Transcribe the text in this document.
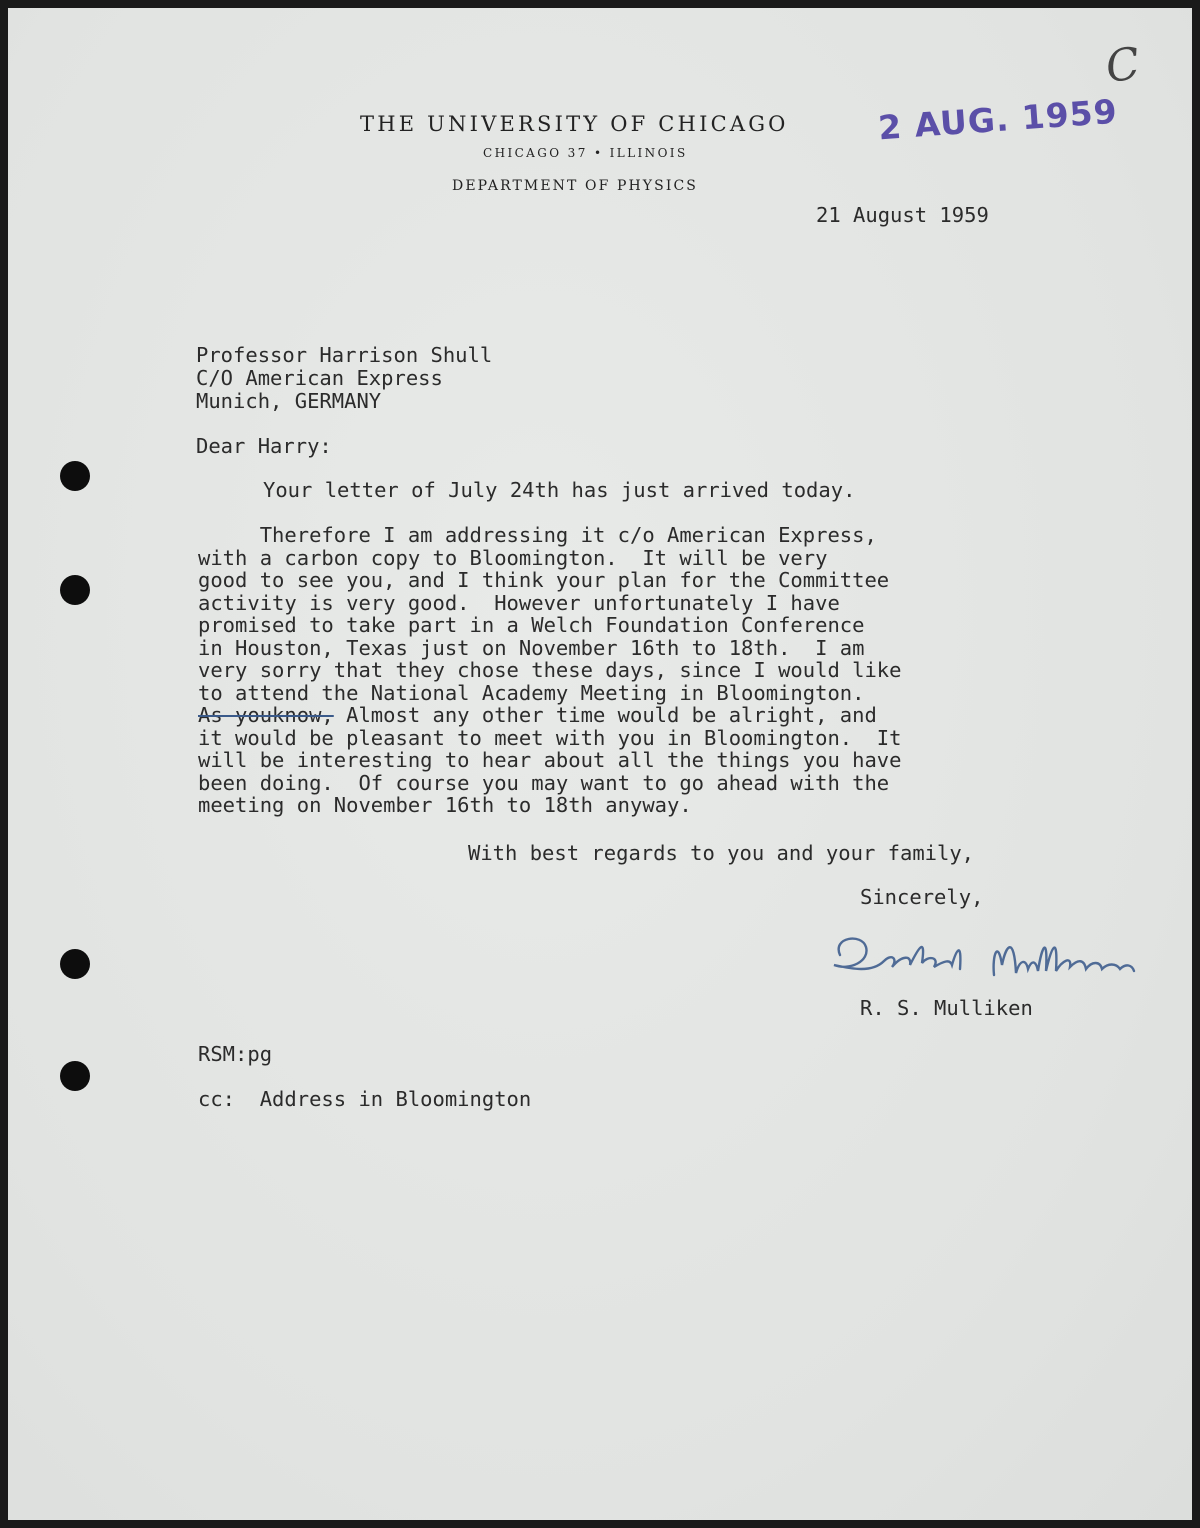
C
THE UNIVERSITY OF CHICAGO
CHICAGO 37 • ILLINOIS
DEPARTMENT OF PHYSICS
2 AUG. 1959
21 August 1959
Professor Harrison Shull
C/O American Express
Munich, GERMANY
Dear Harry:
Your letter of July 24th has just arrived today.
Therefore I am addressing it c/o American Express,
with a carbon copy to Bloomington.  It will be very
good to see you, and I think your plan for the Committee
activity is very good.  However unfortunately I have
promised to take part in a Welch Foundation Conference
in Houston, Texas just on November 16th to 18th.  I am
very sorry that they chose these days, since I would like
to attend the National Academy Meeting in Bloomington.
As youknow, Almost any other time would be alright, and
it would be pleasant to meet with you in Bloomington.  It
will be interesting to hear about all the things you have
been doing.  Of course you may want to go ahead with the
meeting on November 16th to 18th anyway.
With best regards to you and your family,
Sincerely,
R. S. Mulliken
RSM:pg
cc:  Address in Bloomington
